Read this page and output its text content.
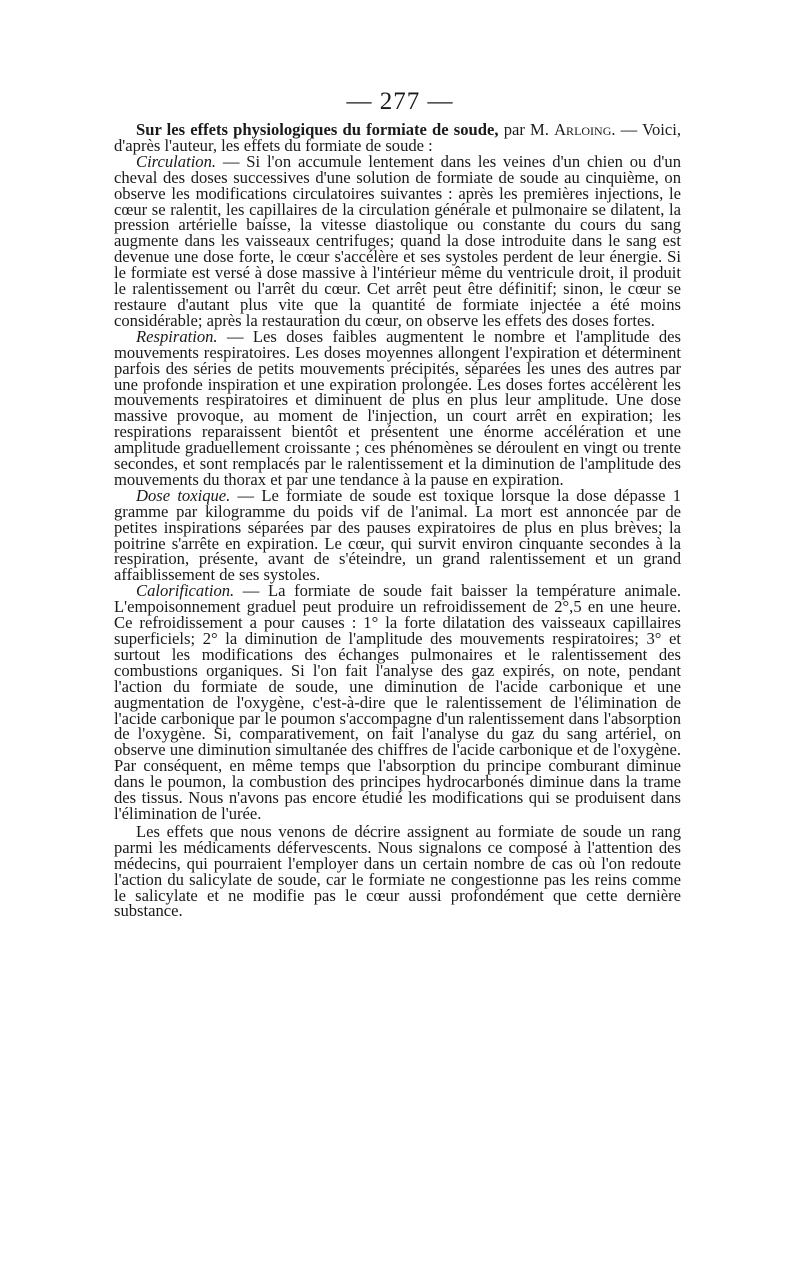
— 277 —

Sur les effets physiologiques du formiate de soude, par M. Arloing. — Voici, d'après l'auteur, les effets du formiate de soude :

Circulation. — Si l'on accumule lentement dans les veines d'un chien ou d'un cheval des doses successives d'une solution de formiate de soude au cinquième, on observe les modifications circulatoires suivantes : après les premières injections, le cœur se ralentit, les capillaires de la circulation générale et pulmonaire se dilatent, la pression artérielle baisse, la vitesse diastolique ou constante du cours du sang augmente dans les vaisseaux centrifuges; quand la dose introduite dans le sang est devenue une dose forte, le cœur s'accélère et ses systoles perdent de leur énergie. Si le formiate est versé à dose massive à l'intérieur même du ventricule droit, il produit le ralentissement ou l'arrêt du cœur. Cet arrêt peut être définitif; sinon, le cœur se restaure d'autant plus vite que la quantité de formiate injectée a été moins considérable; après la restauration du cœur, on observe les effets des doses fortes.

Respiration. — Les doses faibles augmentent le nombre et l'amplitude des mouvements respiratoires. Les doses moyennes allongent l'expiration et déterminent parfois des séries de petits mouvements précipités, séparées les unes des autres par une profonde inspiration et une expiration prolongée. Les doses fortes accélèrent les mouvements respiratoires et diminuent de plus en plus leur amplitude. Une dose massive provoque, au moment de l'injection, un court arrêt en expiration; les respirations reparaissent bientôt et présentent une énorme accélération et une amplitude graduellement croissante ; ces phénomènes se déroulent en vingt ou trente secondes, et sont remplacés par le ralentissement et la diminution de l'amplitude des mouvements du thorax et par une tendance à la pause en expiration.

Dose toxique. — Le formiate de soude est toxique lorsque la dose dépasse 1 gramme par kilogramme du poids vif de l'animal. La mort est annoncée par de petites inspirations séparées par des pauses expiratoires de plus en plus brèves; la poitrine s'arrête en expiration. Le cœur, qui survit environ cinquante secondes à la respiration, présente, avant de s'éteindre, un grand ralentissement et un grand affaiblissement de ses systoles.

Calorification. — La formiate de soude fait baisser la température animale. L'empoisonnement graduel peut produire un refroidissement de 2°,5 en une heure. Ce refroidissement a pour causes : 1° la forte dilatation des vaisseaux capillaires superficiels; 2° la diminution de l'amplitude des mouvements respiratoires; 3° et surtout les modifications des échanges pulmonaires et le ralentissement des combustions organiques. Si l'on fait l'analyse des gaz expirés, on note, pendant l'action du formiate de soude, une diminution de l'acide carbonique et une augmentation de l'oxygène, c'est-à-dire que le ralentissement de l'élimination de l'acide carbonique par le poumon s'accompagne d'un ralentissement dans l'absorption de l'oxygène. Si, comparativement, on fait l'analyse du gaz du sang artériel, on observe une diminution simultanée des chiffres de l'acide carbonique et de l'oxygène. Par conséquent, en même temps que l'absorption du principe comburant diminue dans le poumon, la combustion des principes hydrocarbonés diminue dans la trame des tissus. Nous n'avons pas encore étudié les modifications qui se produisent dans l'élimination de l'urée.

Les effets que nous venons de décrire assignent au formiate de soude un rang parmi les médicaments défervescents. Nous signalons ce composé à l'attention des médecins, qui pourraient l'employer dans un certain nombre de cas où l'on redoute l'action du salicylate de soude, car le formiate ne congestionne pas les reins comme le salicylate et ne modifie pas le cœur aussi profondément que cette dernière substance.
